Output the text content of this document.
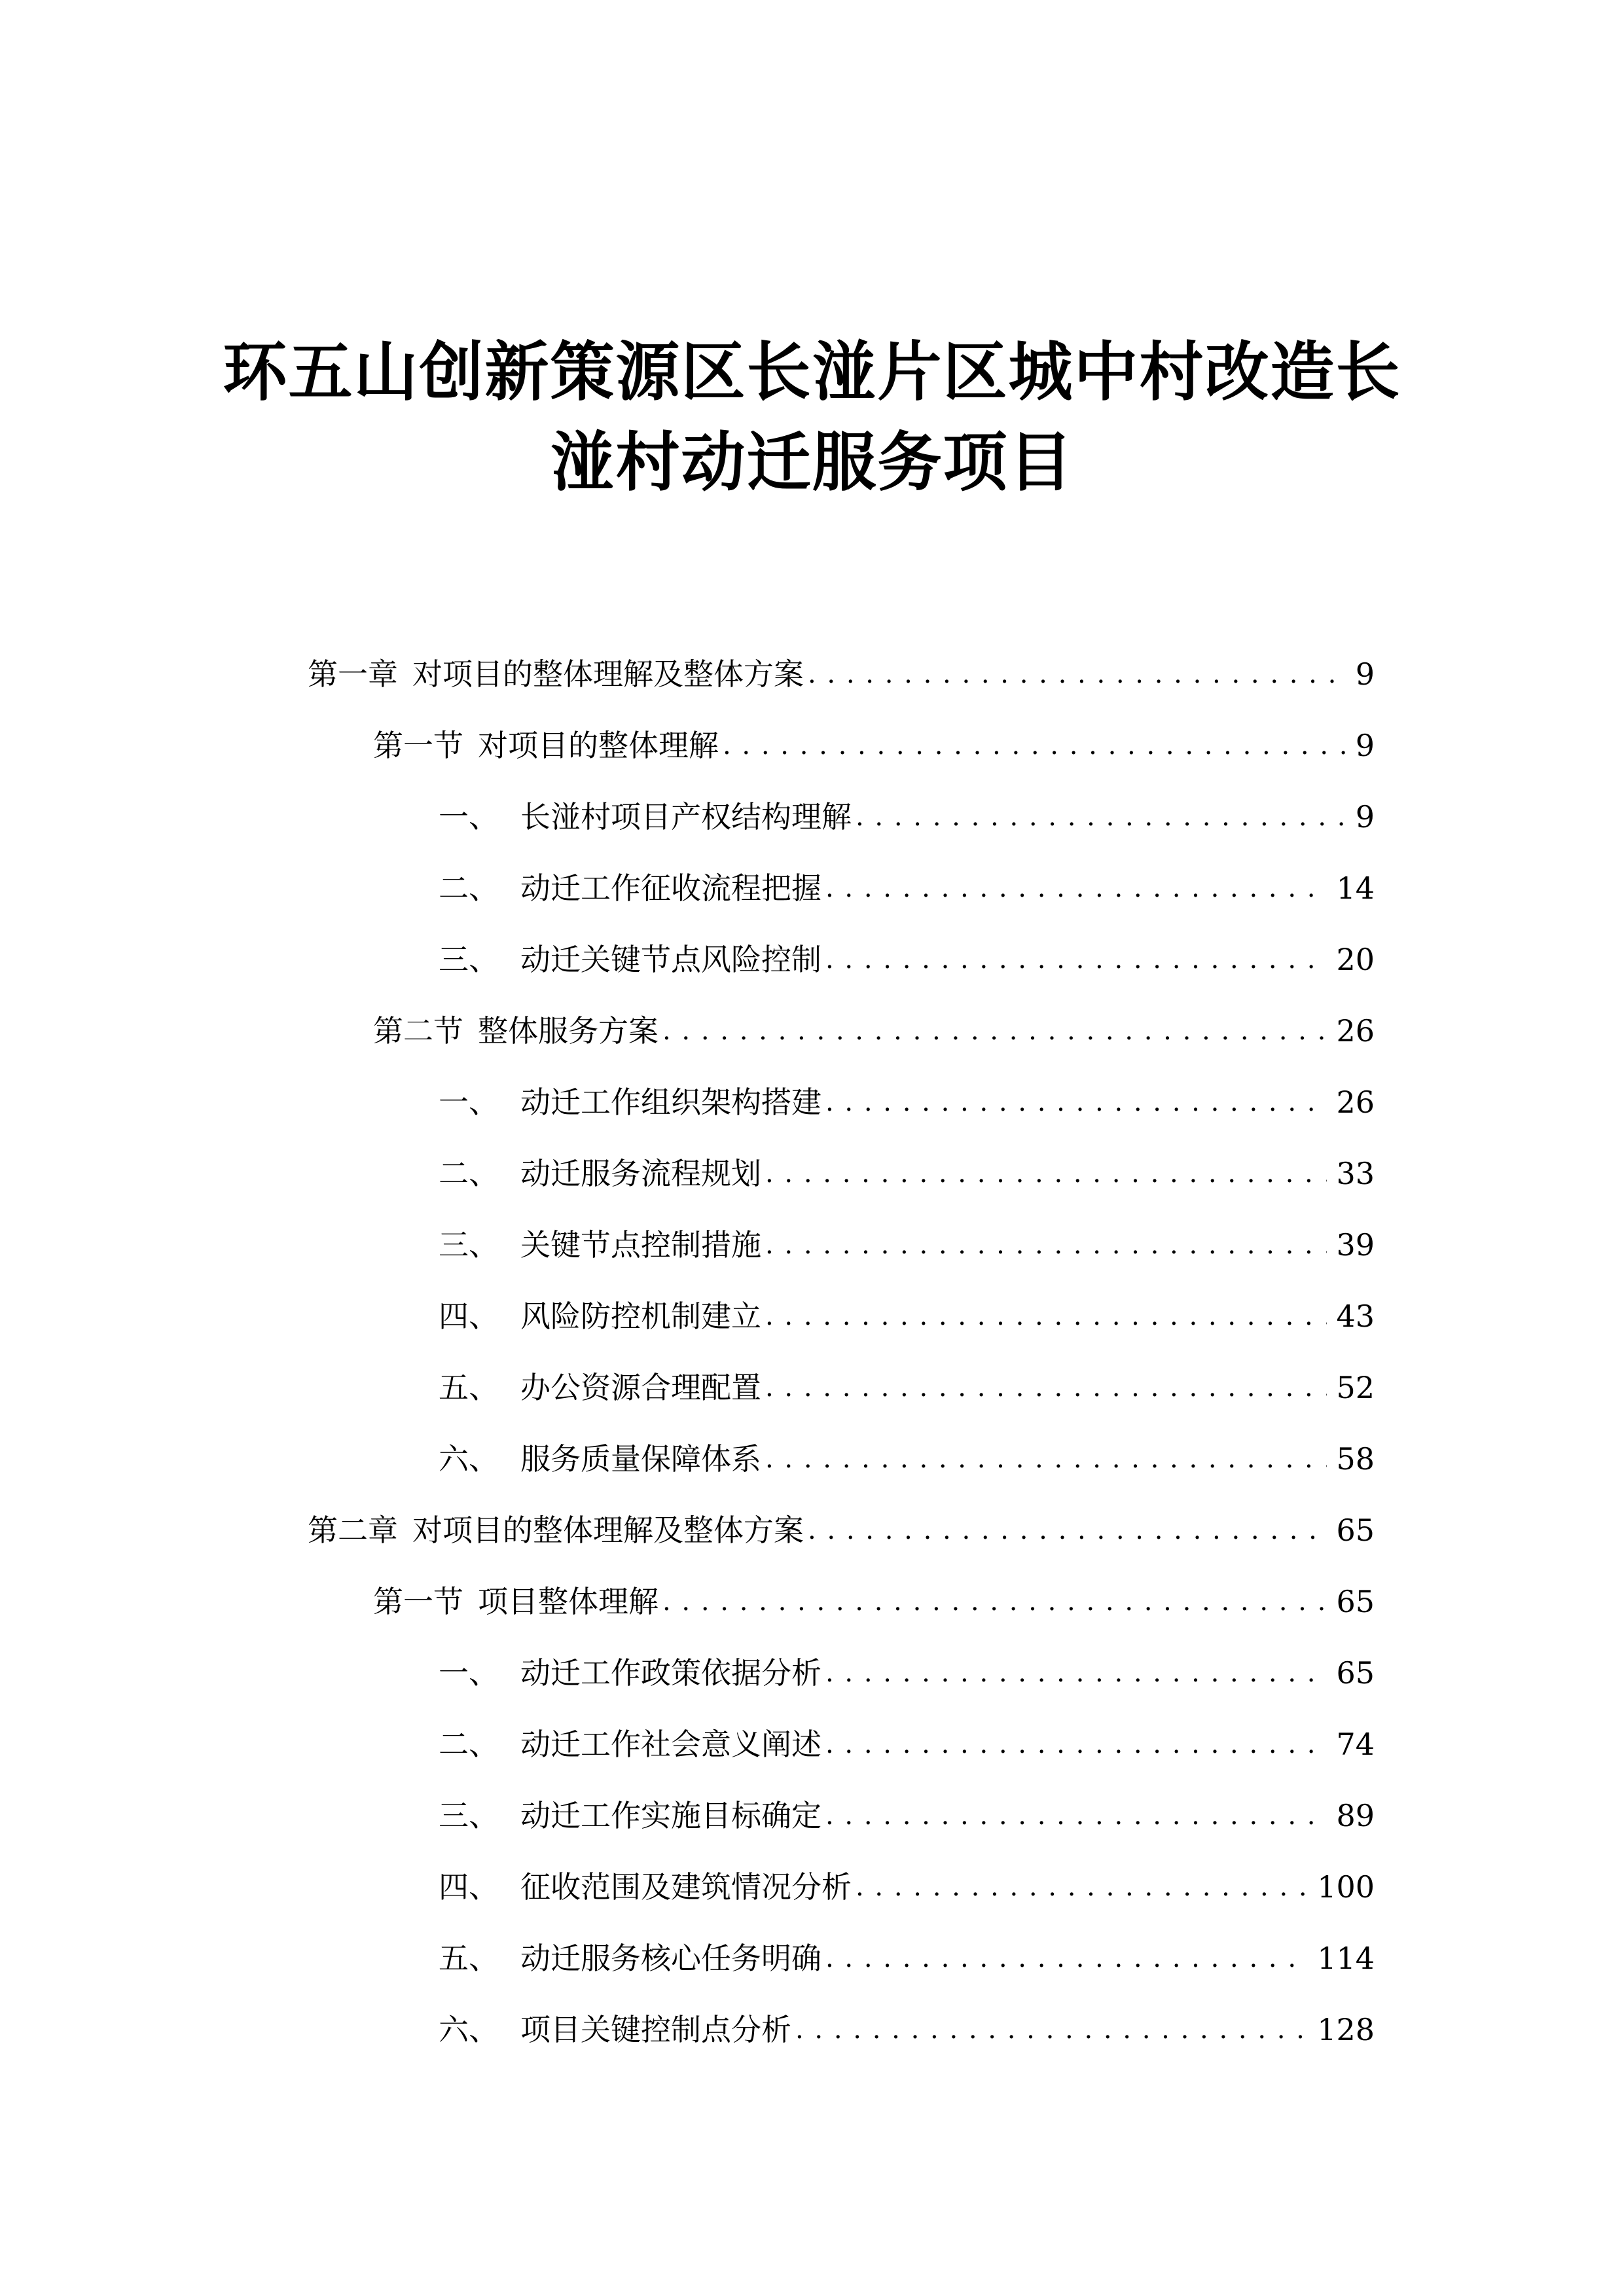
环五山创新策源区长湴片区城中村改造长
湴村动迁服务项目
第一章 对项目的整体理解及整体方案 . . .	9
第一节 对项目的整体理解 . . .	9
一、 长湴村项目产权结构理解 . . .	9
二、 动迁工作征收流程把握 . . .	14
三、 动迁关键节点风险控制 . . .	20
第二节 整体服务方案 . . .	26
一、 动迁工作组织架构搭建 . . .	26
二、 动迁服务流程规划 . . .	33
三、 关键节点控制措施 . . .	39
四、 风险防控机制建立 . . .	43
五、 办公资源合理配置 . . .	52
六、 服务质量保障体系 . . .	58
第二章 对项目的整体理解及整体方案 . . .	65
第一节 项目整体理解 . . .	65
一、 动迁工作政策依据分析 . . .	65
二、 动迁工作社会意义阐述 . . .	74
三、 动迁工作实施目标确定 . . .	89
四、 征收范围及建筑情况分析 . . .	100
五、 动迁服务核心任务明确 . . .	114
六、 项目关键控制点分析 . . .	128
